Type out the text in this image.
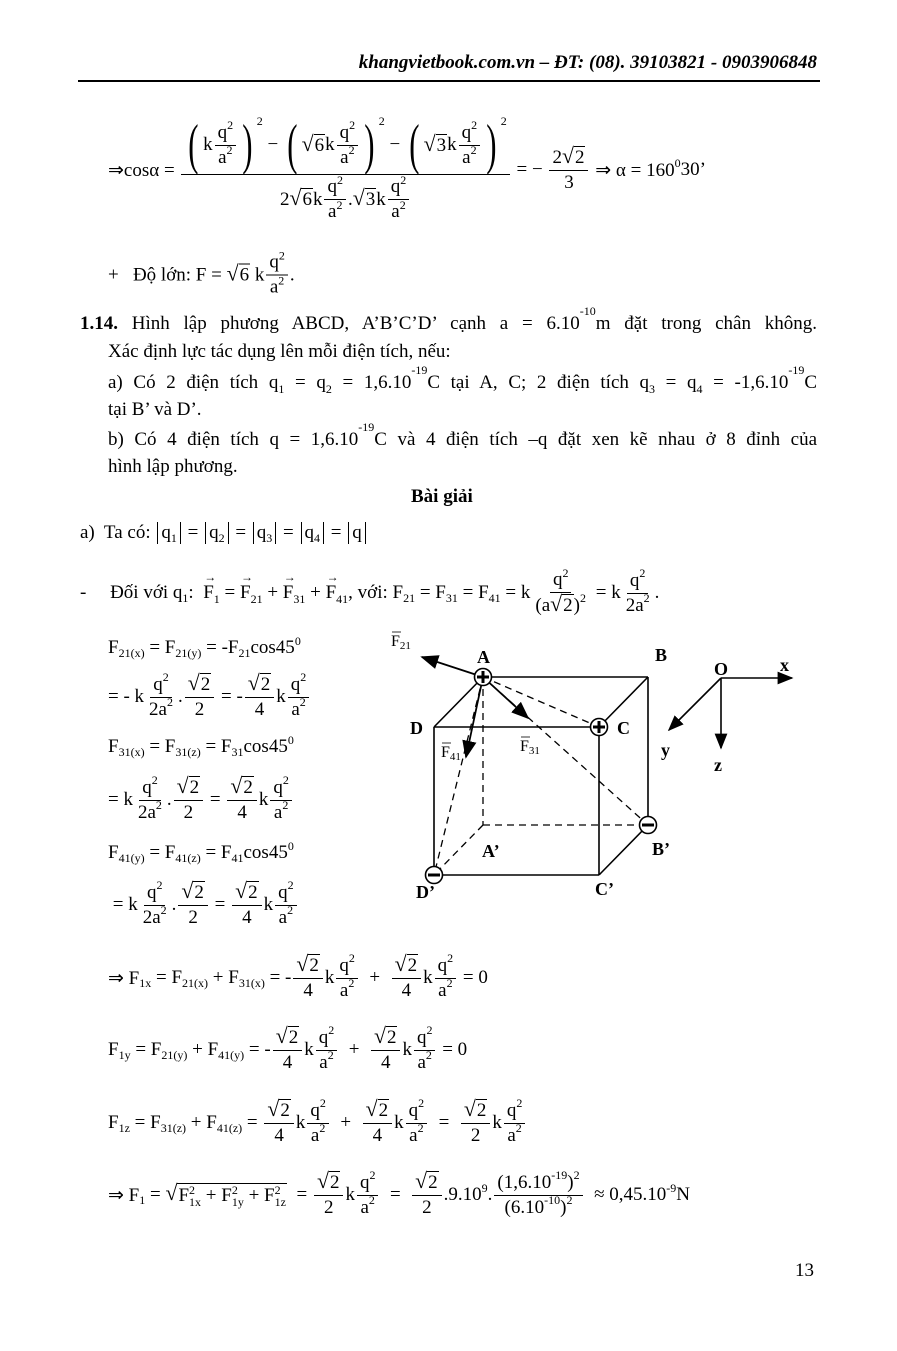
khangvietbook.com.vn – ĐT: (08). 39103821 - 0903906848
⇒cosα = ( k $\frac{q 2}{a 2}$ ) 2
− ( √ 6 k $\frac{q 2}{a 2}$ ) 2
− ( √ 3 k $\frac{q 2}{a 2}$ ) 2
2 √ 6 k $\frac{q 2}{a 2}$ . √ 3 k $\frac{q 2}{a 2}$ = − $\frac{2 √ 2}{3}$ ⇒ α = 160 0 30’
+   Độ lớn: F = √ 6 k $\frac{q 2}{a 2}$ .
1.14. Hình lập phương ABCD, A’B’C’D’ cạnh $a = 6.10^{-10}m$ đặt trong chân không.
Xác định lực tác dụng lên mỗi điện tích, nếu:
a) Có 2 điện tích $q_1 = q_2 = 1,6.10^{-19}C$ tại A, C; 2 điện tích $q_3 = q_4 = -1,6.10^{-19}C$
tại B’ và D’.
b) Có 4 điện tích $q = 1,6.10^{-19}C$ và 4 điện tích –q đặt xen kẽ nhau ở 8 đỉnh của
hình lập phương.
Bài giải
a)  Ta có: q 1 = q 2 = q 3 = q 4 = q
-     Đối với q 1 : → $F_1$ = → $F_{21}$ + → $F_{31}$ + → $F_{41}$ , với: F 21 = F 31 = F 41 = k $\frac{q 2}{(a √ 2 ) 2} = k \frac{q 2}{2a 2}$ .
F 21(x) = F 21(y) = -F 21 cos45 0
= - k $\frac{q 2}{2a 2}$ . √ $\frac{2}{2}$ = - √ $\frac{2}{4}$ k $\frac{q 2}{a 2}$
F 31(x) = F 31(z) = F 31 cos45 0
= k $\frac{q 2}{2a 2}$ . √ $\frac{2}{2}$ = √ $\frac{2}{4}$ k $\frac{q 2}{a 2}$
F 41(y) = F 41(z) = F 41 cos45 0
= k $\frac{q 2}{2a 2}$ . √ $\frac{2}{2}$ = √ $\frac{2}{4}$ k $\frac{q 2}{a 2}$
⇒ F 1x = F 21(x) + F 31(x) = - √ $\frac{2}{4}$ k $\frac{q 2}{a 2}$ + √ $\frac{2}{4}$ k $\frac{q 2}{a 2} = 0$
F 1y = F 21(y) + F 41(y) = - √ $\frac{2}{4}$ k $\frac{q 2}{a 2}$ + √ $\frac{2}{4}$ k $\frac{q 2}{a 2} = 0$
F 1z = F 31(z) + F 41(z) = √ $\frac{2}{4}$ k $\frac{q 2}{a 2}$ + √ $\frac{2}{4}$ k $\frac{q 2}{a 2}$ = √ $\frac{2}{2}$ k $\frac{q 2}{a 2}$
⇒ F 1 = √ F 2
1x + F 2
1y + F 2
1z = √ $\frac{2}{2}$ k $\frac{q 2}{a 2}$ = √ $\frac{2}{2} .9.10$ 9 . $\frac{(1,6.10 -19 ) 2}{(6.10 -10 ) 2} \approx 0,45.10$ -9 N
A	B
C
D
A’	B’
C’
D’
O	x
y
z
F21
F41
F31
13
